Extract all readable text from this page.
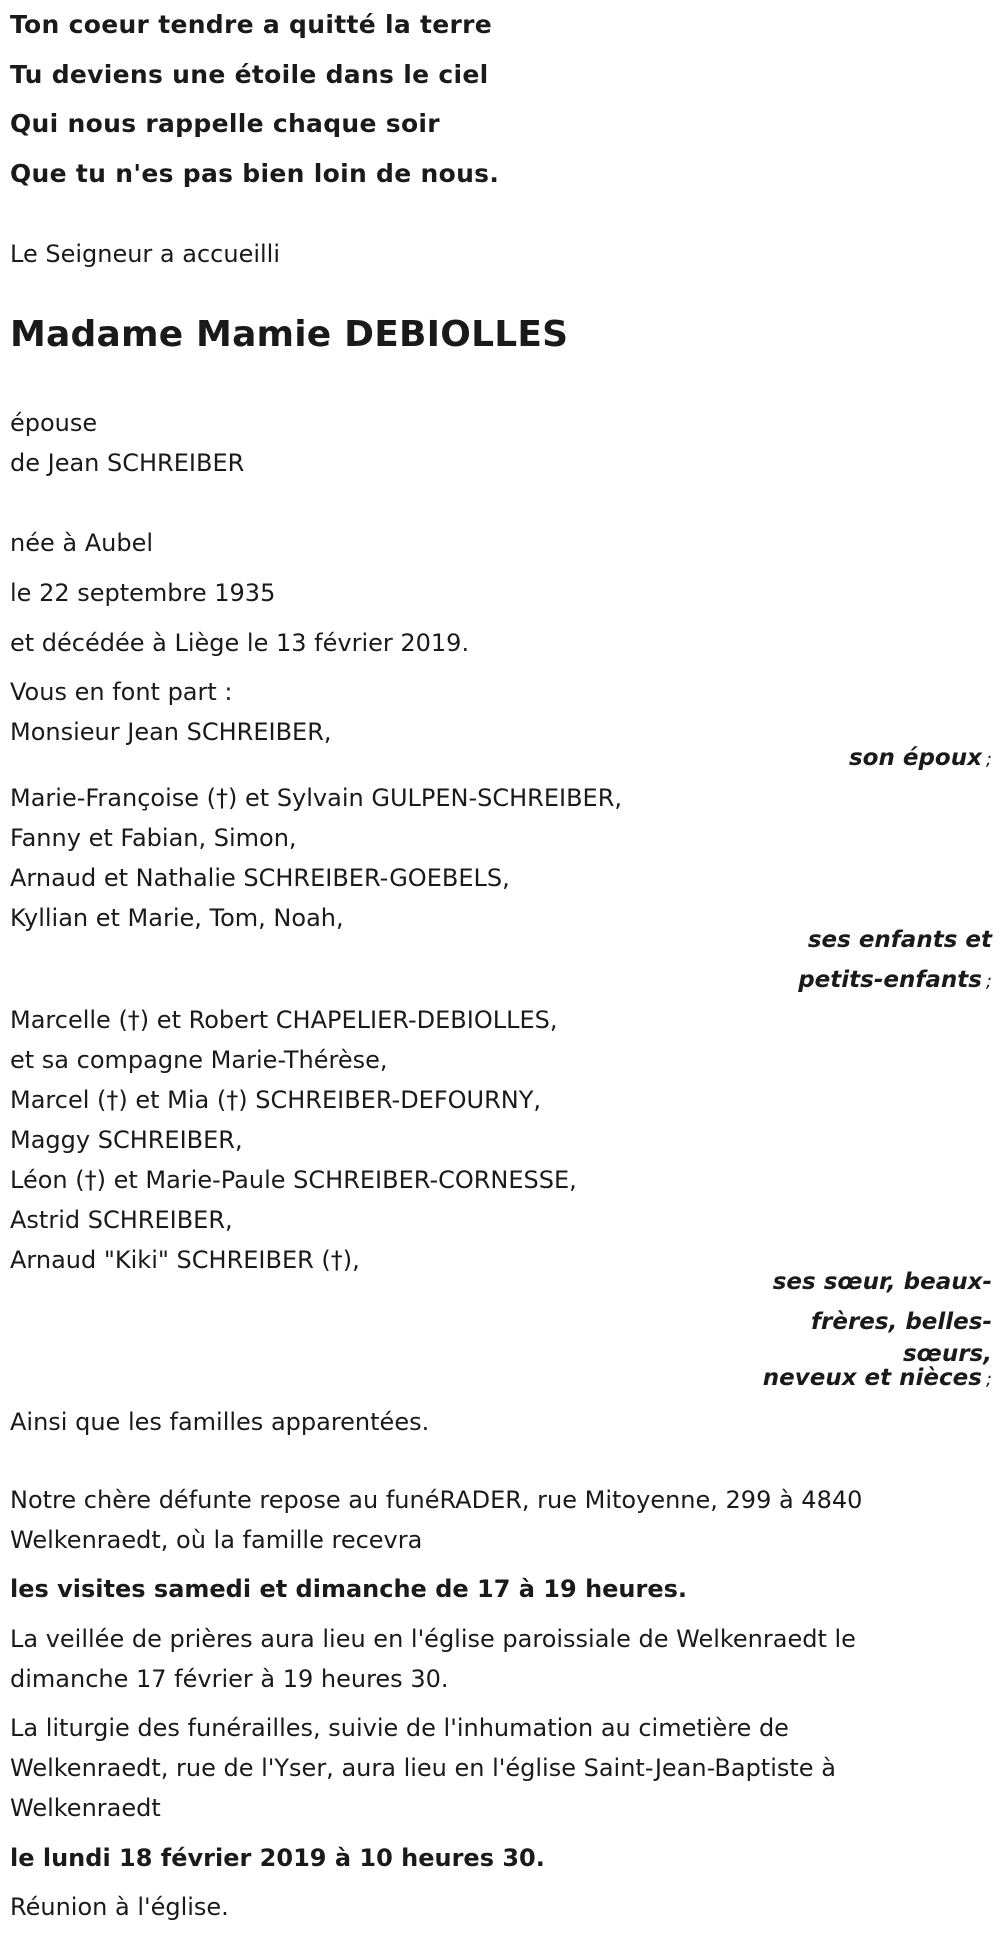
Ton coeur tendre a quitté la terre
Tu deviens une étoile dans le ciel
Qui nous rappelle chaque soir
Que tu n'es pas bien loin de nous.
Le Seigneur a accueilli
Madame Mamie DEBIOLLES
épouse
de Jean SCHREIBER
née à Aubel
le 22 septembre 1935
et décédée à Liège le 13 février 2019.
Vous en font part :
Monsieur Jean SCHREIBER,
son époux ;
Marie-Françoise (†) et Sylvain GULPEN-SCHREIBER,
Fanny et Fabian, Simon,
Arnaud et Nathalie SCHREIBER-GOEBELS,
Kyllian et Marie, Tom, Noah,
ses enfants et
petits-enfants ;
Marcelle (†) et Robert CHAPELIER-DEBIOLLES,
et sa compagne Marie-Thérèse,
Marcel (†) et Mia (†) SCHREIBER-DEFOURNY,
Maggy SCHREIBER,
Léon (†) et Marie-Paule SCHREIBER-CORNESSE,
Astrid SCHREIBER,
Arnaud "Kiki" SCHREIBER (†),
ses sœur, beaux-
frères, belles-
sœurs,
neveux et nièces ;
Ainsi que les familles apparentées.
Notre chère défunte repose au funéRADER, rue Mitoyenne, 299 à 4840
Welkenraedt, où la famille recevra
les visites samedi et dimanche de 17 à 19 heures.
La veillée de prières aura lieu en l'église paroissiale de Welkenraedt le
dimanche 17 février à 19 heures 30.
La liturgie des funérailles, suivie de l'inhumation au cimetière de
Welkenraedt, rue de l'Yser, aura lieu en l'église Saint-Jean-Baptiste à
Welkenraedt
le lundi 18 février 2019 à 10 heures 30.
Réunion à l'église.
